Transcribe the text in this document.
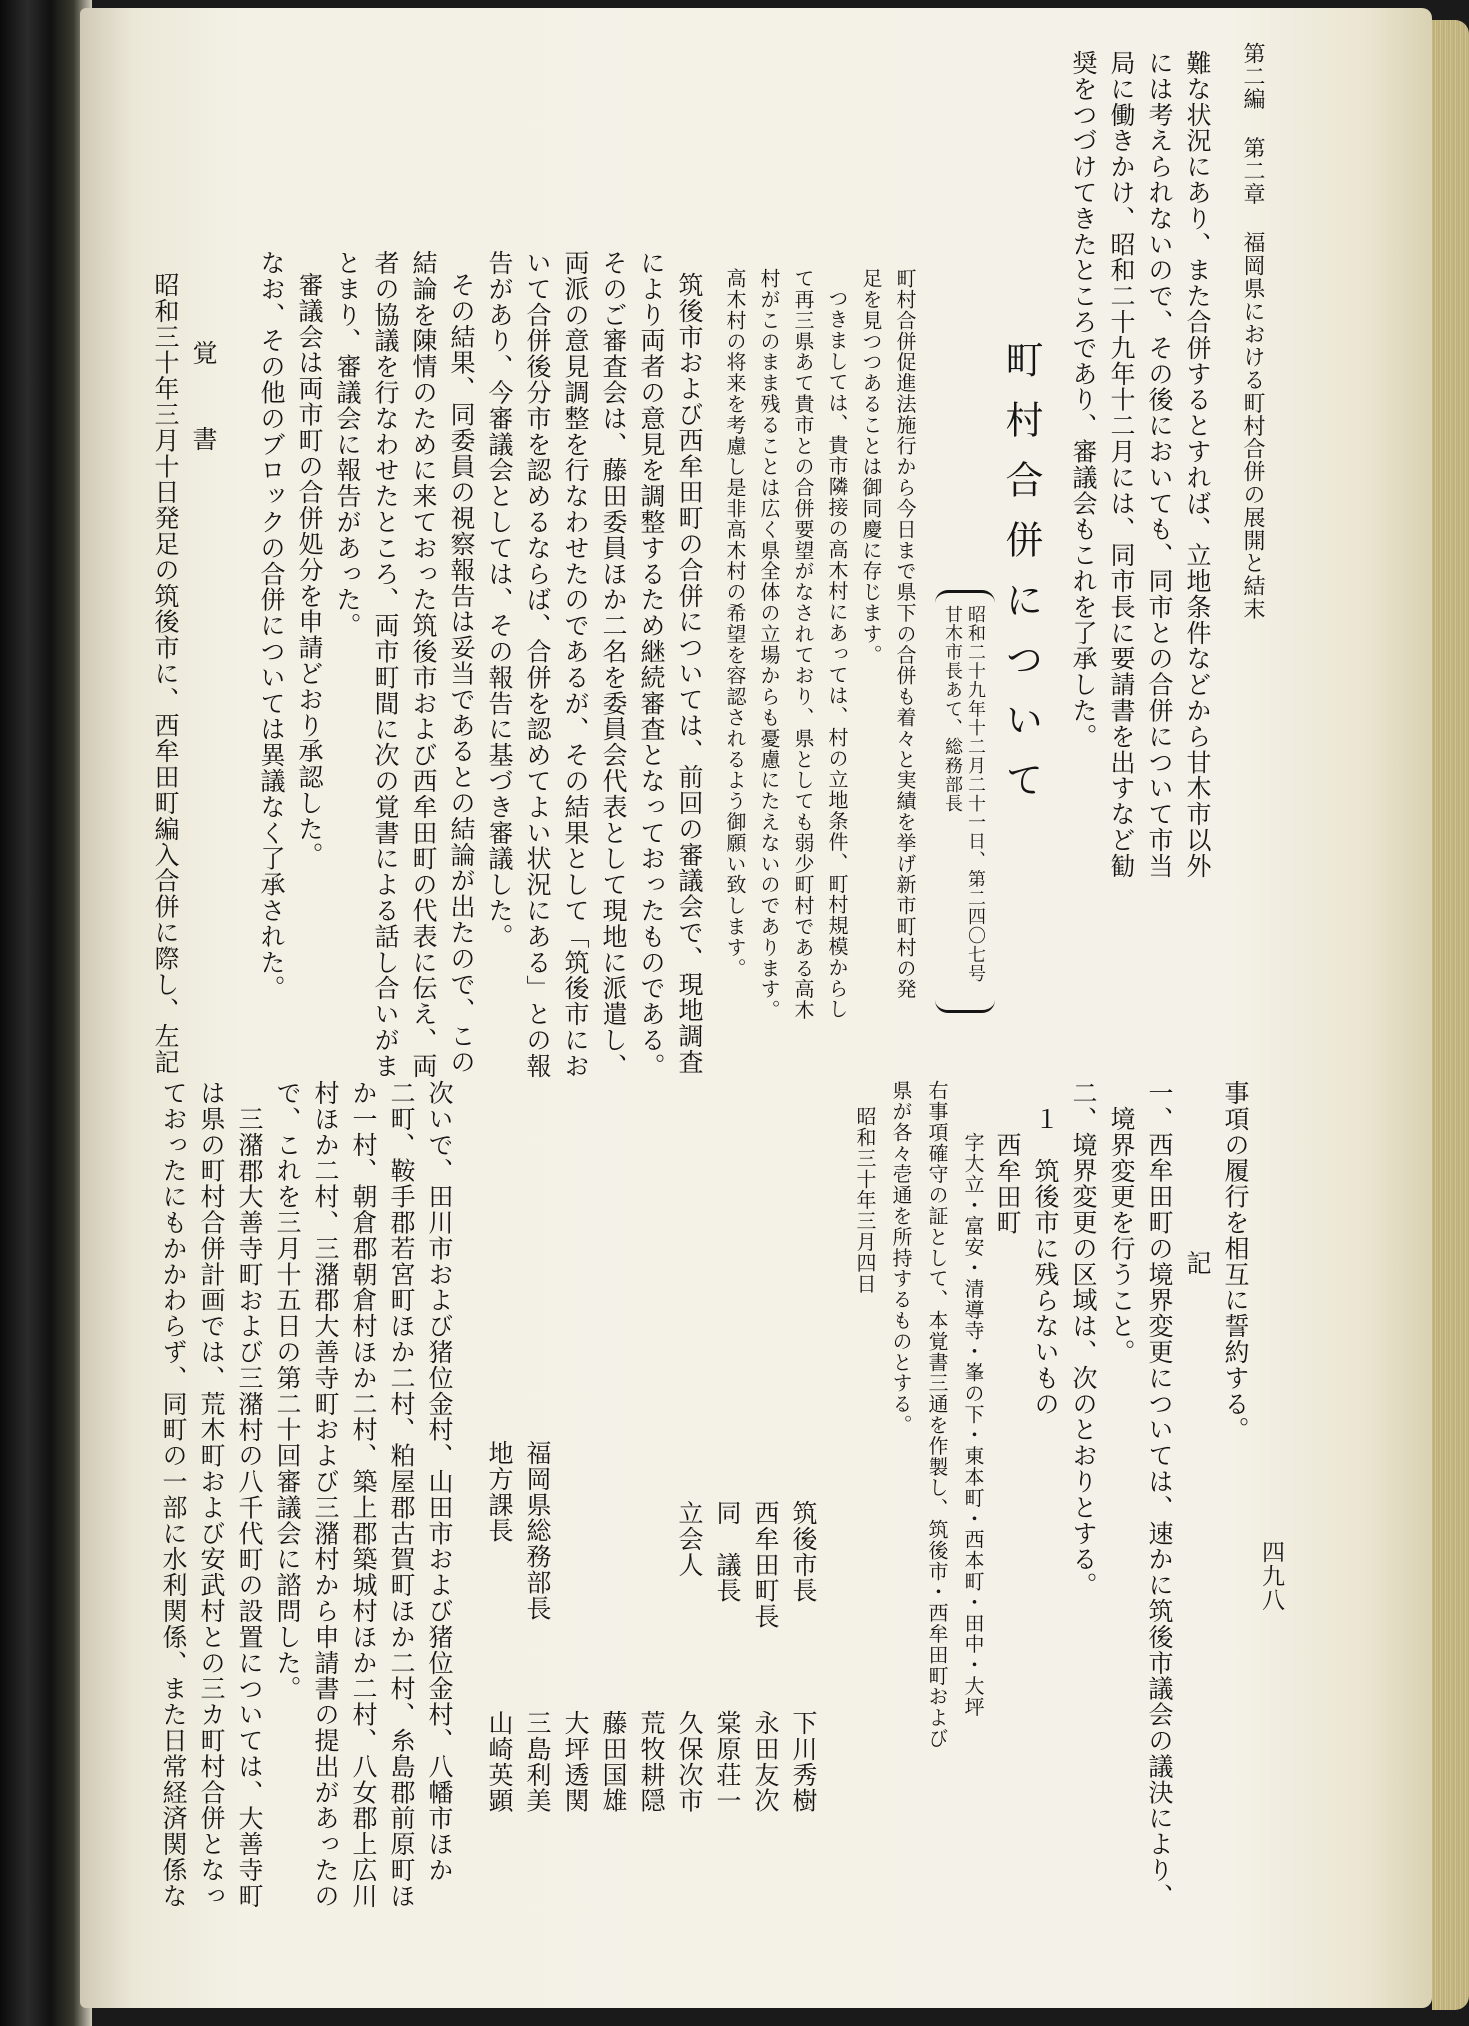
第二編 第二章 福岡県における町村合併の展開と結末

四九八

難な状況にあり、また合併するとすれば、立地条件などから甘木市以外

には考えられないので、その後においても、同市との合併について市当

局に働きかけ、昭和二十九年十二月には、同市長に要請書を出すなど勧

奨をつづけてきたところであり、審議会もこれを了承した。

町村合併について

昭和二十九年十二月二十一日、第二四〇七号

甘木市長あて、総務部長

町村合併促進法施行から今日まで県下の合併も着々と実績を挙げ新市町村の発

足を見つつあることは御同慶に存じます。

つきましては、貴市隣接の高木村にあっては、村の立地条件、町村規模からし

て再三県あて貴市との合併要望がなされており、県としても弱少町村である高木

村がこのまま残ることは広く県全体の立場からも憂慮にたえないのであります。

高木村の将来を考慮し是非高木村の希望を容認されるよう御願い致します。

筑後市および西牟田町の合併については、前回の審議会で、現地調査

により両者の意見を調整するため継続審査となっておったものである。

そのご審査会は、藤田委員ほか二名を委員会代表として現地に派遣し、

両派の意見調整を行なわせたのであるが、その結果として「筑後市にお

いて合併後分市を認めるならば、合併を認めてよい状況にある」との報

告があり、今審議会としては、その報告に基づき審議した。

その結果、同委員の視察報告は妥当であるとの結論が出たので、この

結論を陳情のために来ておった筑後市および西牟田町の代表に伝え、両

者の協議を行なわせたところ、両市町間に次の覚書による話し合いがま

とまり、審議会に報告があった。

審議会は両市町の合併処分を申請どおり承認した。

なお、その他のブロックの合併については異議なく了承された。

覚　書

昭和三十年三月十日発足の筑後市に、西牟田町編入合併に際し、左記

事項の履行を相互に誓約する。

記

一、西牟田町の境界変更については、速かに筑後市議会の議決により、

境界変更を行うこと。

二、境界変更の区域は、次のとおりとする。

１　筑後市に残らないもの

西牟田町

字大立・富安・清導寺・峯の下・東本町・西本町・田中・大坪

右事項確守の証として、本覚書三通を作製し、筑後市・西牟田町および

県が各々壱通を所持するものとする。

昭和三十年三月四日

筑後市長

下川秀樹

西牟田町長

永田友次

同　議長

棠原荘一

立会人

久保次市

荒牧耕隠

藤田国雄

大坪透関

福岡県総務部長

三島利美

地方課長

山崎英顕

次いで、田川市および猪位金村、山田市および猪位金村、八幡市ほか

二町、鞍手郡若宮町ほか二村、粕屋郡古賀町ほか二村、糸島郡前原町ほ

か一村、朝倉郡朝倉村ほか二村、築上郡築城村ほか二村、八女郡上広川

村ほか二村、三潴郡大善寺町および三潴村から申請書の提出があったの

で、これを三月十五日の第二十回審議会に諮問した。

三潴郡大善寺町および三潴村の八千代町の設置については、大善寺町

は県の町村合併計画では、荒木町および安武村との三カ町村合併となっ

ておったにもかかわらず、同町の一部に水利関係、また日常経済関係な
